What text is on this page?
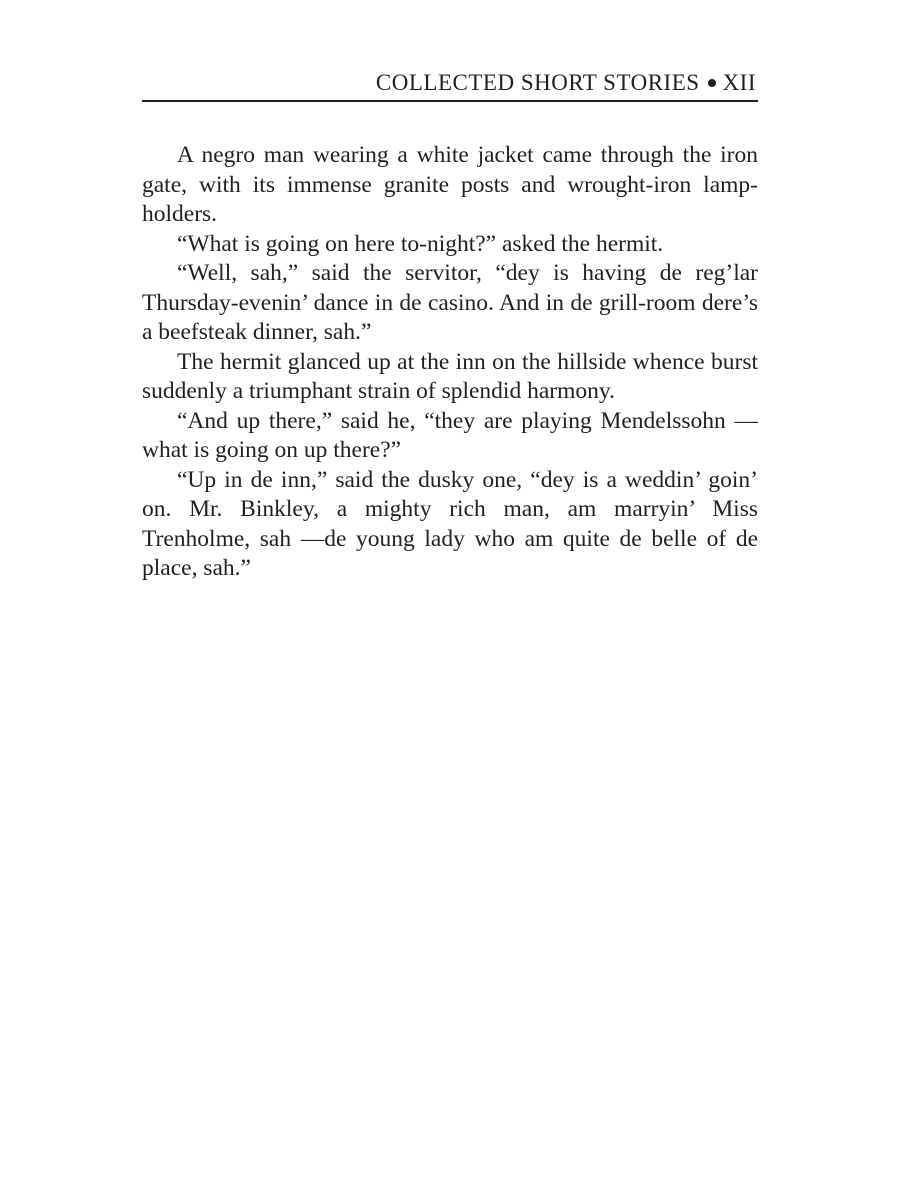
COLLECTED SHORT STORIES XII

A negro man wearing a white jacket came through the iron gate, with its immense granite posts and wrought-iron lamp-holders.

“What is going on here to-night?” asked the hermit.

“Well, sah,” said the servitor, “dey is having de reg’lar Thursday-evenin’ dance in de casino. And in de grill-room dere’s a beefsteak dinner, sah.”

The hermit glanced up at the inn on the hillside whence burst suddenly a triumphant strain of splendid harmony.

“And up there,” said he, “they are playing Mendelssohn — what is going on up there?”

“Up in de inn,” said the dusky one, “dey is a weddin’ goin’ on. Mr. Binkley, a mighty rich man, am marryin’ Miss Trenholme, sah —de young lady who am quite de belle of de place, sah.”
